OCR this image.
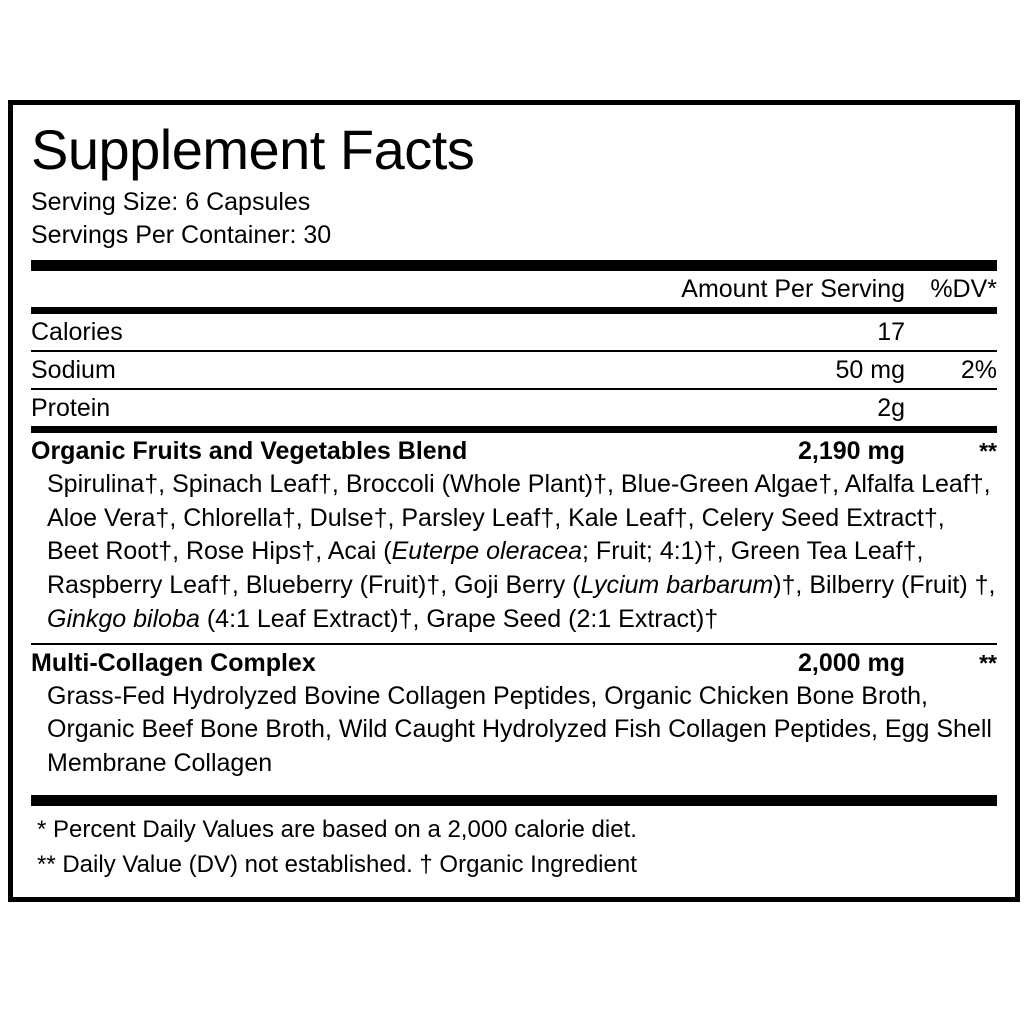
Supplement Facts
Serving Size: 6 Capsules
Servings Per Container: 30
Amount Per Serving	%DV*
Calories	17
Sodium	50 mg	2%
Protein	2g
Organic Fruits and Vegetables Blend	2,190 mg	**
Spirulina†, Spinach Leaf†, Broccoli (Whole Plant)†, Blue-Green Algae†, Alfalfa Leaf†, Aloe Vera†, Chlorella†, Dulse†, Parsley Leaf†, Kale Leaf†, Celery Seed Extract†, Beet Root†, Rose Hips†, Acai (Euterpe oleracea; Fruit; 4:1)†, Green Tea Leaf†, Raspberry Leaf†, Blueberry (Fruit)†, Goji Berry (Lycium barbarum)†, Bilberry (Fruit) †, Ginkgo biloba (4:1 Leaf Extract)†, Grape Seed (2:1 Extract)†
Multi-Collagen Complex	2,000 mg	**
Grass-Fed Hydrolyzed Bovine Collagen Peptides, Organic Chicken Bone Broth, Organic Beef Bone Broth, Wild Caught Hydrolyzed Fish Collagen Peptides, Egg Shell Membrane Collagen
* Percent Daily Values are based on a 2,000 calorie diet.
** Daily Value (DV) not established. † Organic Ingredient
